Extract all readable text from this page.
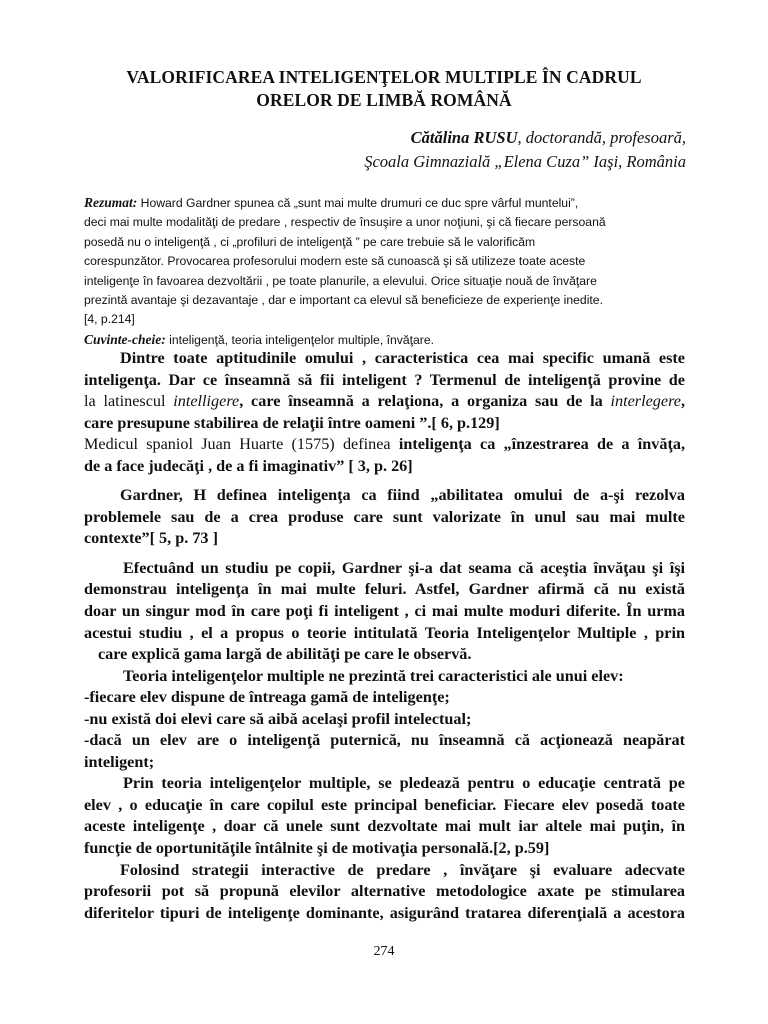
VALORIFICAREA INTELIGENŢELOR MULTIPLE ÎN CADRUL
ORELOR DE LIMBĂ ROMÂNĂ
Cătălina RUSU, doctorandă, profesoară,
Şcoala Gimnazială „Elena Cuza” Iaşi, România
Rezumat: Howard Gardner spunea că „sunt mai multe drumuri ce duc spre vârful muntelui”,
deci mai multe modalităţi de predare , respectiv de însuşire a unor noţiuni, şi că fiecare persoană
posedă nu o inteligenţă , ci „profiluri de inteligenţă ” pe care trebuie să le valorificăm
corespunzător. Provocarea profesorului modern este să cunoască şi să utilizeze toate aceste
inteligenţe în favoarea dezvoltării , pe toate planurile, a elevului. Orice situaţie nouă de învăţare
prezintă avantaje şi dezavantaje , dar e important ca elevul să beneficieze de experienţe inedite.
[4, p.214]
Cuvinte-cheie: inteligenţă, teoria inteligenţelor multiple, învăţare.
Dintre toate aptitudinile omului , caracteristica cea mai specific umană este
inteligenţa. Dar ce înseamnă să fii inteligent ? Termenul de inteligenţă provine de
la latinescul intelligere, care înseamnă a relaţiona, a organiza sau de la interlegere,
care presupune stabilirea de relaţii între oameni ”.[ 6, p.129]
Medicul spaniol Juan Huarte (1575) definea inteligenţa ca „înzestrarea de a învăţa,
de a face judecăţi , de a fi imaginativ” [ 3, p. 26]
Gardner, H definea inteligenţa ca fiind „abilitatea omului de a-şi rezolva
problemele sau de a crea produse care sunt valorizate în unul sau mai multe
contexte”[ 5, p. 73 ]
Efectuând un studiu pe copii, Gardner şi-a dat seama că aceştia învăţau şi îşi
demonstrau inteligenţa în mai multe feluri. Astfel, Gardner afirmă că nu există
doar un singur mod în care poţi fi inteligent , ci mai multe moduri diferite. În urma
acestui studiu , el a propus o teorie intitulată Teoria Inteligenţelor Multiple , prin
care explică gama largă de abilităţi pe care le observă.
Teoria inteligenţelor multiple ne prezintă trei caracteristici ale unui elev:
-fiecare elev dispune de întreaga gamă de inteligenţe;
-nu există doi elevi care să aibă acelaşi profil intelectual;
-dacă un elev are o inteligenţă puternică, nu înseamnă că acţionează neapărat
inteligent;
Prin teoria inteligenţelor multiple, se pledează pentru o educaţie centrată pe
elev , o educaţie în care copilul este principal beneficiar. Fiecare elev posedă toate
aceste inteligenţe , doar că unele sunt dezvoltate mai mult iar altele mai puţin, în
funcţie de oportunităţile întâlnite şi de motivaţia personală.[2, p.59]
Folosind strategii interactive de predare , învăţare şi evaluare adecvate
profesorii pot să propună elevilor alternative metodologice axate pe stimularea
diferitelor tipuri de inteligenţe dominante, asigurând tratarea diferenţială a acestora
274
